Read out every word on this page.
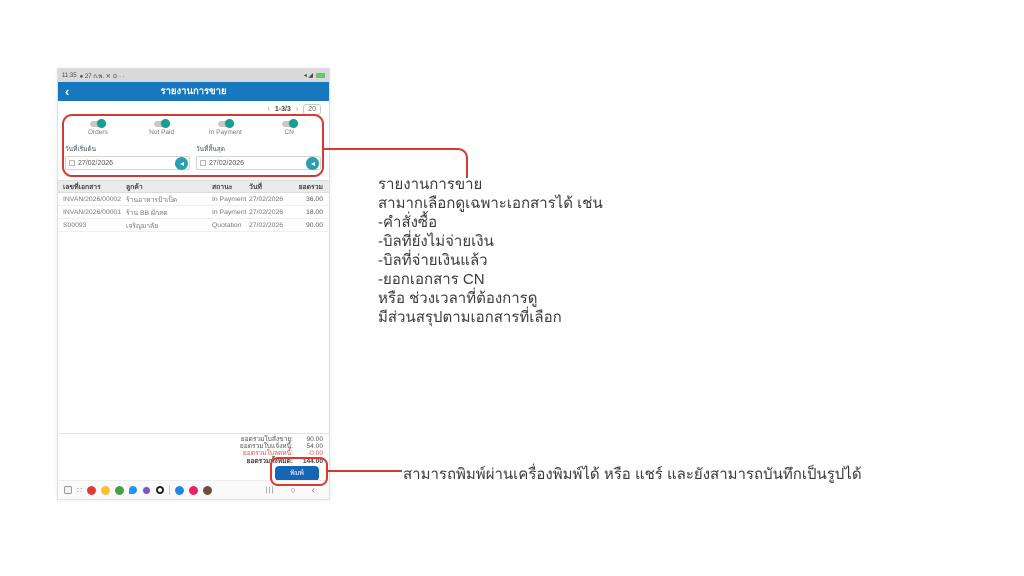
11:35 ● 27 ก.พ. ✕ ⊙ ∙ ∙	◂ ◢
‹	รายงานการขาย
‹ 1-3/3 ›	20
Orders	Not Paid	In Payment	CN
วันที่เริ่มต้น
27/02/2026
วันที่สิ้นสุด
27/02/2026
เลขที่เอกสาร	ลูกค้า	สถานะ	วันที่	ยอดรวม
INVAN/2026/00002 ร้านอาหารป้าเป็ด	In Payment 27/02/2026	36.00
INVAN/2026/00001 ร้าน BB ผักสด	In Payment 27/02/2026	18.00
S00093	เจริญมาลัย	Quotation	27/02/2026	90.00
ยอดรวมใบสั่งขาย:	90.00
ยอดรวมใบแจ้งหนี้:	54.00
ยอดรวมใบลดหนี้:	-0.00
ยอดรวมทั้งหมด:	144.00
พิมพ์
∷	||| ○ ‹
รายงานการขาย
สามากเลือกดูเฉพาะเอกสารได้ เช่น
-คำสั่งซื้อ
-บิลที่ยังไม่จ่ายเงิน
-บิลที่จ่ายเงินแล้ว
-ยอกเอกสาร CN
หรือ ช่วงเวลาที่ต้องการดู
มีส่วนสรุปตามเอกสารที่เลือก
สามารถพิมพ์ผ่านเครื่องพิมพ์ได้ หรือ แชร์ และยังสามารถบันทึกเป็นรูปได้
